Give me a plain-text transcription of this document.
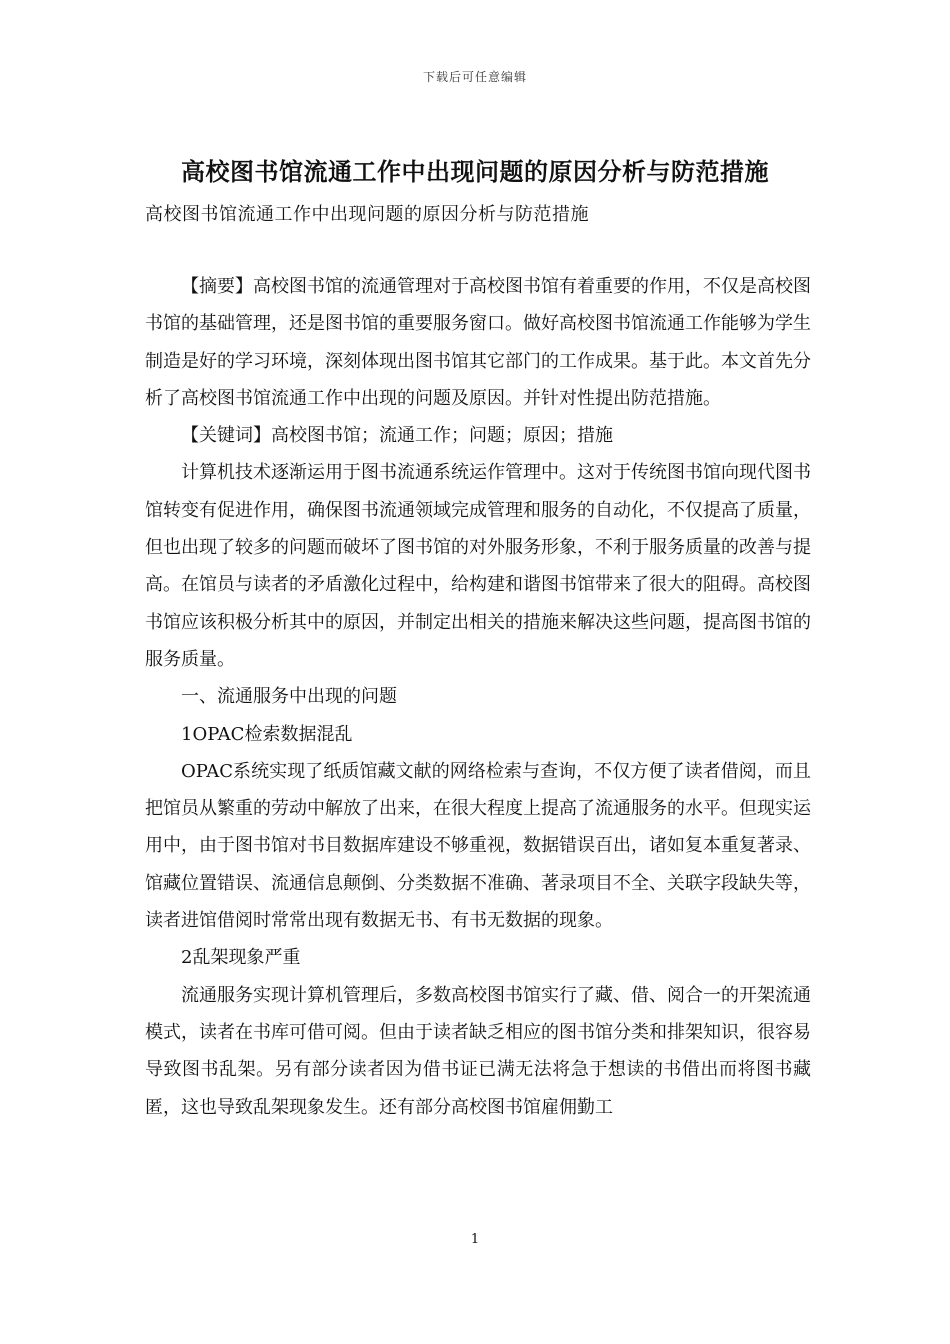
下载后可任意编辑
高校图书馆流通工作中出现问题的原因分析与防范措施
高校图书馆流通工作中出现问题的原因分析与防范措施

【摘要】高校图书馆的流通管理对于高校图书馆有着重要的作用，不仅是高校图书馆的基础管理，还是图书馆的重要服务窗口。做好高校图书馆流通工作能够为学生制造是好的学习环境，深刻体现出图书馆其它部门的工作成果。基于此。本文首先分析了高校图书馆流通工作中出现的问题及原因。并针对性提出防范措施。

【关键词】高校图书馆；流通工作；问题；原因；措施

计算机技术逐渐运用于图书流通系统运作管理中。这对于传统图书馆向现代图书馆转变有促进作用，确保图书流通领域完成管理和服务的自动化，不仅提高了质量，但也出现了较多的问题而破坏了图书馆的对外服务形象，不利于服务质量的改善与提高。在馆员与读者的矛盾激化过程中，给构建和谐图书馆带来了很大的阻碍。高校图书馆应该积极分析其中的原因，并制定出相关的措施来解决这些问题，提高图书馆的服务质量。

一、流通服务中出现的问题

1OPAC检索数据混乱

OPAC系统实现了纸质馆藏文献的网络检索与查询，不仅方便了读者借阅，而且把馆员从繁重的劳动中解放了出来，在很大程度上提高了流通服务的水平。但现实运用中，由于图书馆对书目数据库建设不够重视，数据错误百出，诸如复本重复著录、馆藏位置错误、流通信息颠倒、分类数据不准确、著录项目不全、关联字段缺失等，读者进馆借阅时常常出现有数据无书、有书无数据的现象。

2乱架现象严重

流通服务实现计算机管理后，多数高校图书馆实行了藏、借、阅合一的开架流通模式，读者在书库可借可阅。但由于读者缺乏相应的图书馆分类和排架知识，很容易导致图书乱架。另有部分读者因为借书证已满无法将急于想读的书借出而将图书藏匿，这也导致乱架现象发生。还有部分高校图书馆雇佣勤工

1
